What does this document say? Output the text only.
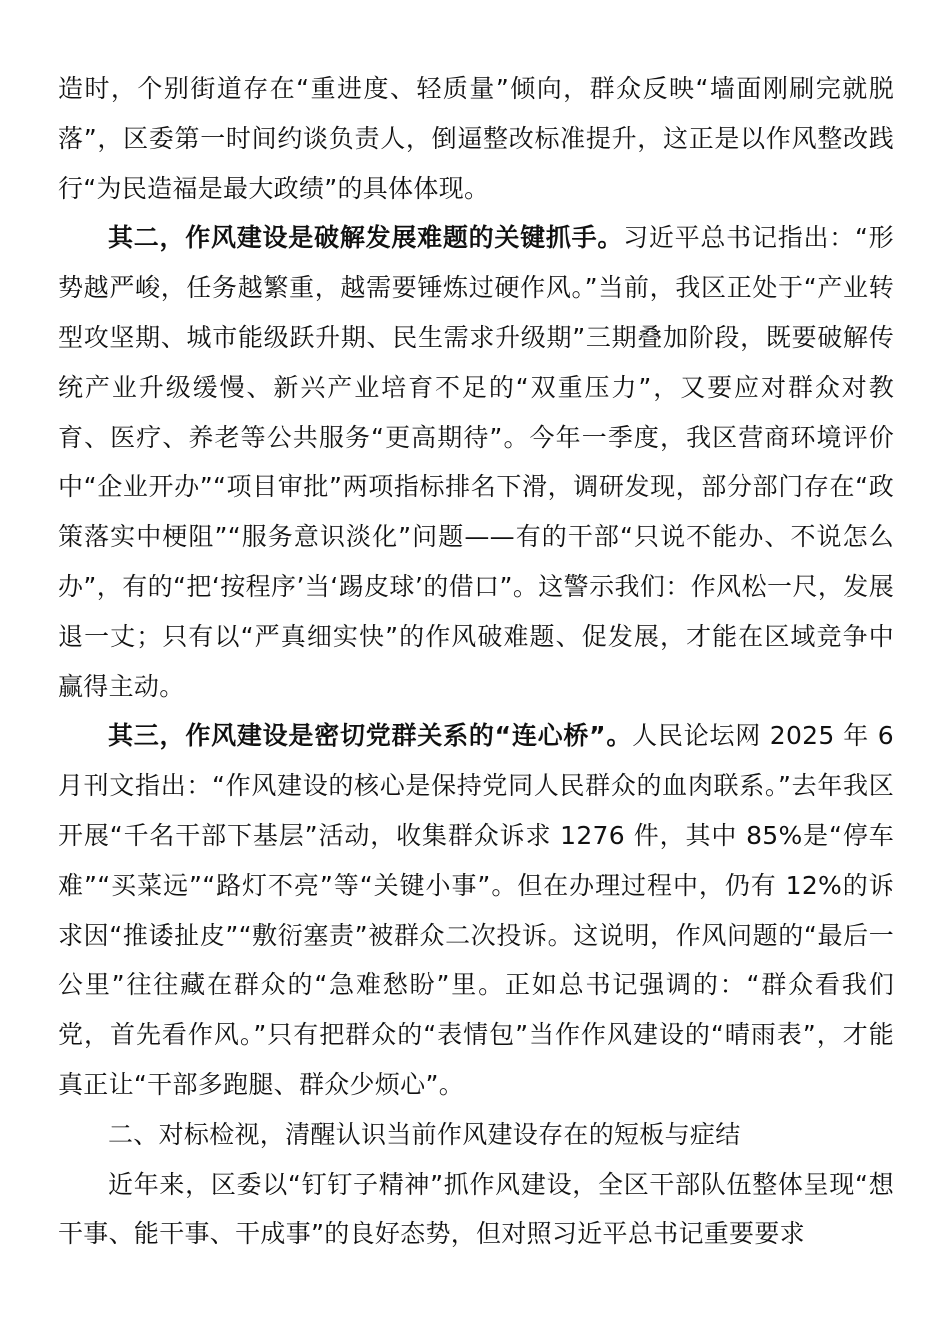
造时，个别街道存在“重进度、轻质量”倾向，群众反映“墙面刚刷完就脱落”，区委第一时间约谈负责人，倒逼整改标准提升，这正是以作风整改践行“为民造福是最大政绩”的具体体现。

其二，作风建设是破解发展难题的关键抓手。习近平总书记指出：“形势越严峻，任务越繁重，越需要锤炼过硬作风。”当前，我区正处于“产业转型攻坚期、城市能级跃升期、民生需求升级期”三期叠加阶段，既要破解传统产业升级缓慢、新兴产业培育不足的“双重压力”，又要应对群众对教育、医疗、养老等公共服务“更高期待”。今年一季度，我区营商环境评价中“企业开办”“项目审批”两项指标排名下滑，调研发现，部分部门存在“政策落实中梗阻”“服务意识淡化”问题——有的干部“只说不能办、不说怎么办”，有的“把‘按程序’当‘踢皮球’的借口”。这警示我们：作风松一尺，发展退一丈；只有以“严真细实快”的作风破难题、促发展，才能在区域竞争中赢得主动。

其三，作风建设是密切党群关系的“连心桥”。人民论坛网 2025 年 6 月刊文指出：“作风建设的核心是保持党同人民群众的血肉联系。”去年我区开展“千名干部下基层”活动，收集群众诉求 1276 件，其中 85%是“停车难”“买菜远”“路灯不亮”等“关键小事”。但在办理过程中，仍有 12%的诉求因“推诿扯皮”“敷衍塞责”被群众二次投诉。这说明，作风问题的“最后一公里”往往藏在群众的“急难愁盼”里。正如总书记强调的：“群众看我们党，首先看作风。”只有把群众的“表情包”当作作风建设的“晴雨表”，才能真正让“干部多跑腿、群众少烦心”。

二、对标检视，清醒认识当前作风建设存在的短板与症结

近年来，区委以“钉钉子精神”抓作风建设，全区干部队伍整体呈现“想干事、能干事、干成事”的良好态势，但对照习近平总书记重要要求
